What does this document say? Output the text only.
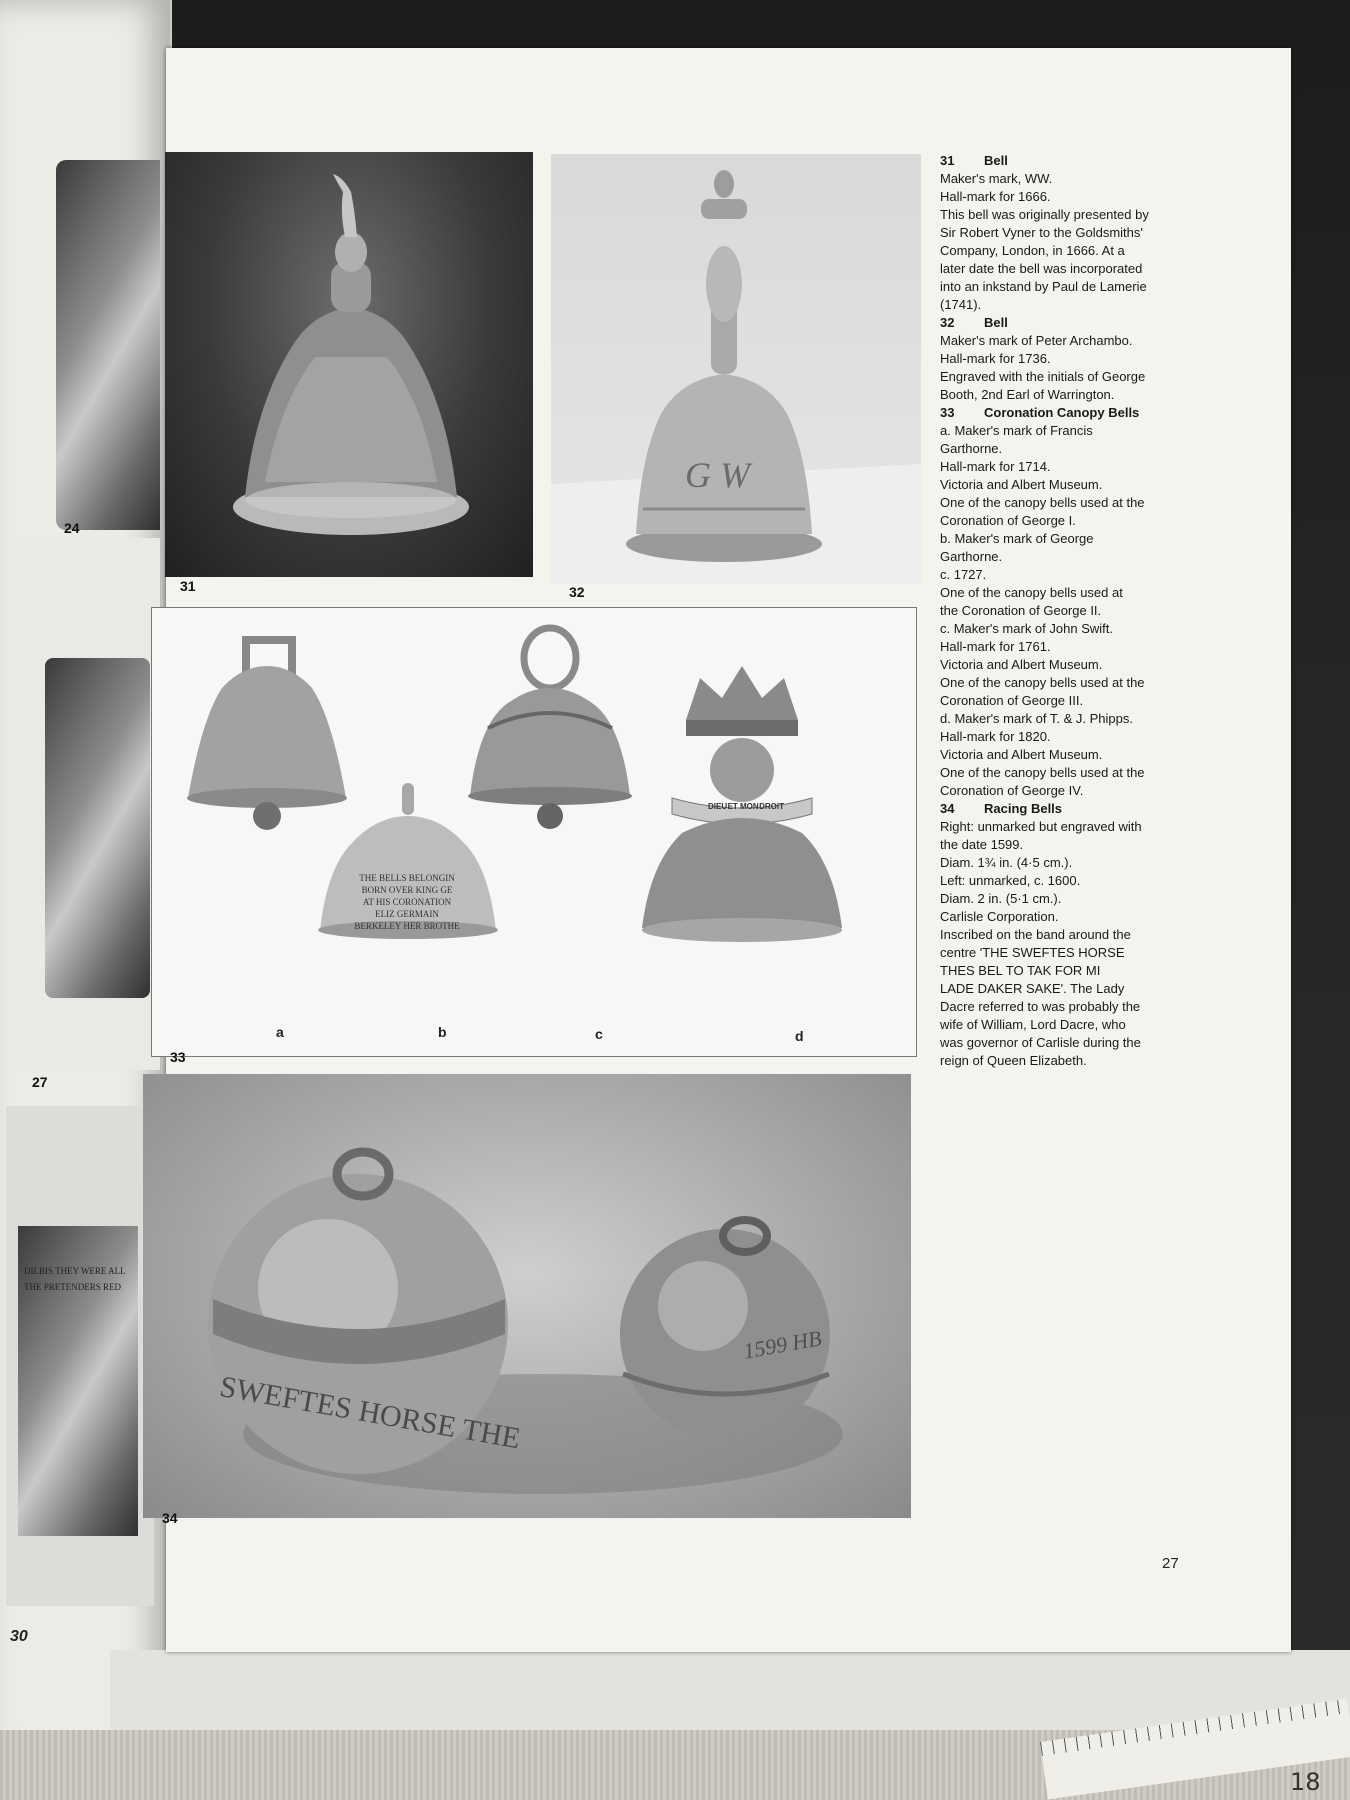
24
27
DILBIS THEY WERE ALL
THE PRETENDERS RED
30
18
31
G W
32
THE BELLS BELONGIN
BORN OVER KING GE
AT HIS CORONATION
ELIZ GERMAIN
BERKELEY HER BROTHE
DIEU ET MON DROIT
a	b	c	d
33
SWEFTES HORSE THE
1599 HB
34
31 Bell
Maker's mark, WW.
Hall-mark for 1666.
This bell was originally presented by
Sir Robert Vyner to the Goldsmiths'
Company, London, in 1666. At a
later date the bell was incorporated
into an inkstand by Paul de Lamerie
(1741).
32 Bell
Maker's mark of Peter Archambo.
Hall-mark for 1736.
Engraved with the initials of George
Booth, 2nd Earl of Warrington.
33 Coronation Canopy Bells
a. Maker's mark of Francis
Garthorne.
Hall-mark for 1714.
Victoria and Albert Museum.
One of the canopy bells used at the
Coronation of George I.
b. Maker's mark of George
Garthorne.
c. 1727.
One of the canopy bells used at
the Coronation of George II.
c. Maker's mark of John Swift.
Hall-mark for 1761.
Victoria and Albert Museum.
One of the canopy bells used at the
Coronation of George III.
d. Maker's mark of T. & J. Phipps.
Hall-mark for 1820.
Victoria and Albert Museum.
One of the canopy bells used at the
Coronation of George IV.
34 Racing Bells
Right: unmarked but engraved with
the date 1599.
Diam. 1¾ in. (4·5 cm.).
Left: unmarked, c. 1600.
Diam. 2 in. (5·1 cm.).
Carlisle Corporation.
Inscribed on the band around the
centre 'THE SWEFTES HORSE
THES BEL TO TAK FOR MI
LADE DAKER SAKE'. The Lady
Dacre referred to was probably the
wife of William, Lord Dacre, who
was governor of Carlisle during the
reign of Queen Elizabeth.
27
